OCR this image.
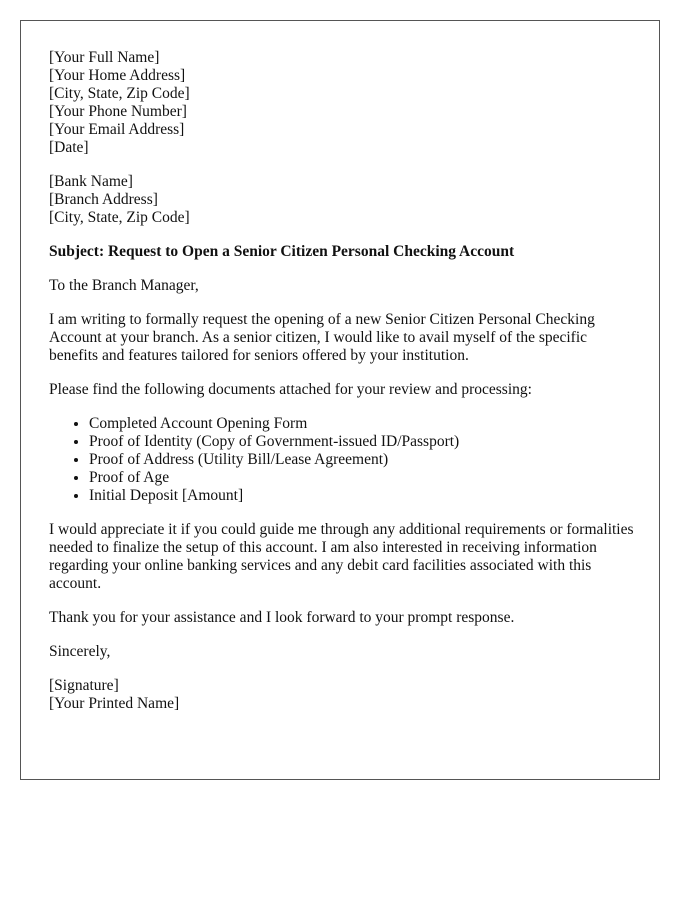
[Your Full Name]
[Your Home Address]
[City, State, Zip Code]
[Your Phone Number]
[Your Email Address]
[Date]
[Bank Name]
[Branch Address]
[City, State, Zip Code]
Subject: Request to Open a Senior Citizen Personal Checking Account

To the Branch Manager,

I am writing to formally request the opening of a new Senior Citizen Personal Checking Account at your branch. As a senior citizen, I would like to avail myself of the specific benefits and features tailored for seniors offered by your institution.

Please find the following documents attached for your review and processing:

• Completed Account Opening Form
• Proof of Identity (Copy of Government-issued ID/Passport)
• Proof of Address (Utility Bill/Lease Agreement)
• Proof of Age
• Initial Deposit [Amount]

I would appreciate it if you could guide me through any additional requirements or formalities needed to finalize the setup of this account. I am also interested in receiving information regarding your online banking services and any debit card facilities associated with this account.

Thank you for your assistance and I look forward to your prompt response.

Sincerely,

[Signature]
[Your Printed Name]
